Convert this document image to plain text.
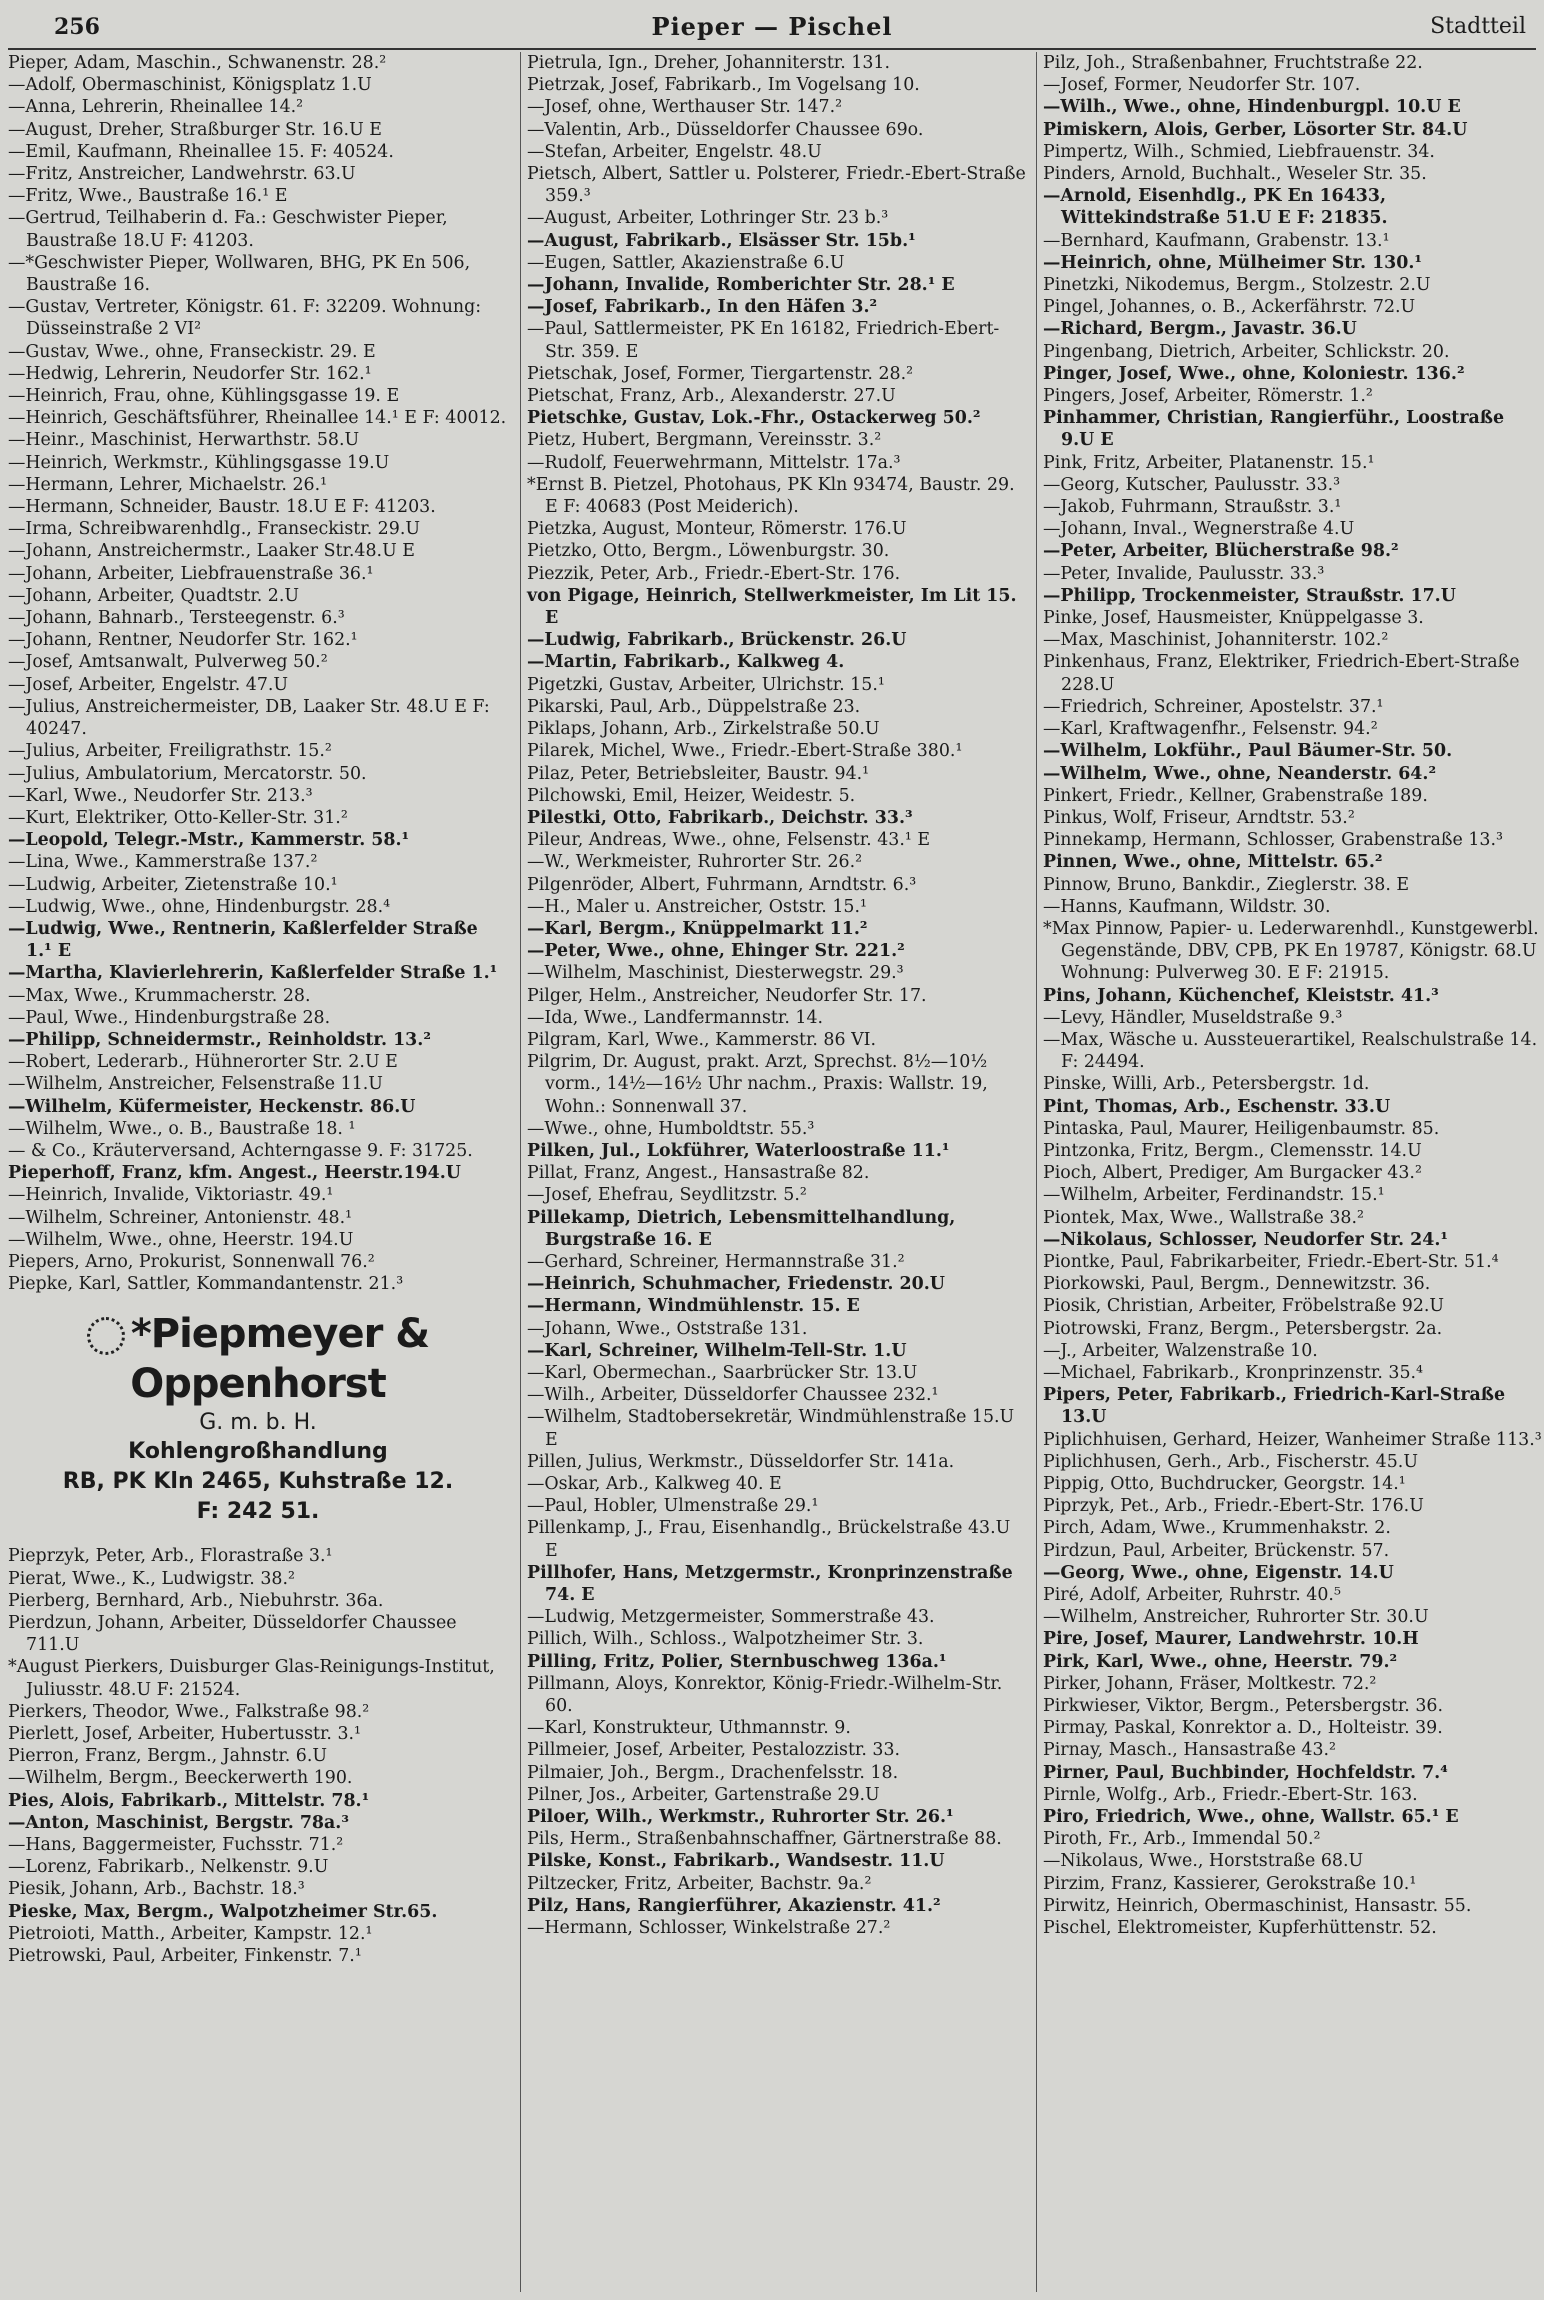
256	Pieper — Pischel	Stadtteil

Pieper, Adam, Maschin., Schwanenstr. 28.²

—Adolf, Obermaschinist, Königsplatz 1.U

—Anna, Lehrerin, Rheinallee 14.²

—August, Dreher, Straßburger Str. 16.U E

—Emil, Kaufmann, Rheinallee 15. F: 40524.

—Fritz, Anstreicher, Landwehrstr. 63.U

—Fritz, Wwe., Baustraße 16.¹ E

—Gertrud, Teilhaberin d. Fa.: Geschwister Pieper, Baustraße 18.U F: 41203.

—*Geschwister Pieper, Wollwaren, BHG, PK En 506, Baustraße 16.

—Gustav, Vertreter, Königstr. 61. F: 32209. Wohnung: Düsseinstraße 2 VI²

—Gustav, Wwe., ohne, Franseckistr. 29. E

—Hedwig, Lehrerin, Neudorfer Str. 162.¹

—Heinrich, Frau, ohne, Kühlingsgasse 19. E

—Heinrich, Geschäftsführer, Rheinallee 14.¹ E F: 40012.

—Heinr., Maschinist, Herwarthstr. 58.U

—Heinrich, Werkmstr., Kühlingsgasse 19.U

—Hermann, Lehrer, Michaelstr. 26.¹

—Hermann, Schneider, Baustr. 18.U E F: 41203.

—Irma, Schreibwarenhdlg., Franseckistr. 29.U

—Johann, Anstreichermstr., Laaker Str.48.U E

—Johann, Arbeiter, Liebfrauenstraße 36.¹

—Johann, Arbeiter, Quadtstr. 2.U

—Johann, Bahnarb., Tersteegenstr. 6.³

—Johann, Rentner, Neudorfer Str. 162.¹

—Josef, Amtsanwalt, Pulverweg 50.²

—Josef, Arbeiter, Engelstr. 47.U

—Julius, Anstreichermeister, DB, Laaker Str. 48.U E F: 40247.

—Julius, Arbeiter, Freiligrathstr. 15.²

—Julius, Ambulatorium, Mercatorstr. 50.

—Karl, Wwe., Neudorfer Str. 213.³

—Kurt, Elektriker, Otto-Keller-Str. 31.²

—Leopold, Telegr.-Mstr., Kammerstr. 58.¹

—Lina, Wwe., Kammerstraße 137.²

—Ludwig, Arbeiter, Zietenstraße 10.¹

—Ludwig, Wwe., ohne, Hindenburgstr. 28.⁴

—Ludwig, Wwe., Rentnerin, Kaßlerfelder Straße 1.¹ E

—Martha, Klavierlehrerin, Kaßlerfelder Straße 1.¹

—Max, Wwe., Krummacherstr. 28.

—Paul, Wwe., Hindenburgstraße 28.

—Philipp, Schneidermstr., Reinholdstr. 13.²

—Robert, Lederarb., Hühnerorter Str. 2.U E

—Wilhelm, Anstreicher, Felsenstraße 11.U

—Wilhelm, Küfermeister, Heckenstr. 86.U

—Wilhelm, Wwe., o. B., Baustraße 18. ¹

— & Co., Kräuterversand, Achterngasse 9. F: 31725.

Pieperhoff, Franz, kfm. Angest., Heerstr.194.U

—Heinrich, Invalide, Viktoriastr. 49.¹

—Wilhelm, Schreiner, Antonienstr. 48.¹

—Wilhelm, Wwe., ohne, Heerstr. 194.U

Piepers, Arno, Prokurist, Sonnenwall 76.²

Piepke, Karl, Sattler, Kommandantenstr. 21.³

*Piepmeyer & Oppenhorst
G. m. b. H.
Kohlengroßhandlung
RB, PK Kln 2465, Kuhstraße 12.
F: 242 51.

Pieprzyk, Peter, Arb., Florastraße 3.¹

Pierat, Wwe., K., Ludwigstr. 38.²

Pierberg, Bernhard, Arb., Niebuhrstr. 36a.

Pierdzun, Johann, Arbeiter, Düsseldorfer Chaussee 711.U

*August Pierkers, Duisburger Glas-Reinigungs-Institut, Juliusstr. 48.U F: 21524.

Pierkers, Theodor, Wwe., Falkstraße 98.²

Pierlett, Josef, Arbeiter, Hubertusstr. 3.¹

Pierron, Franz, Bergm., Jahnstr. 6.U

—Wilhelm, Bergm., Beeckerwerth 190.

Pies, Alois, Fabrikarb., Mittelstr. 78.¹

—Anton, Maschinist, Bergstr. 78a.³

—Hans, Baggermeister, Fuchsstr. 71.²

—Lorenz, Fabrikarb., Nelkenstr. 9.U

Piesik, Johann, Arb., Bachstr. 18.³

Pieske, Max, Bergm., Walpotzheimer Str.65.

Pietroioti, Matth., Arbeiter, Kampstr. 12.¹

Pietrowski, Paul, Arbeiter, Finkenstr. 7.¹

Pietrula, Ign., Dreher, Johanniterstr. 131.

Pietrzak, Josef, Fabrikarb., Im Vogelsang 10.

—Josef, ohne, Werthauser Str. 147.²

—Valentin, Arb., Düsseldorfer Chaussee 69o.

—Stefan, Arbeiter, Engelstr. 48.U

Pietsch, Albert, Sattler u. Polsterer, Friedr.-Ebert-Straße 359.³

—August, Arbeiter, Lothringer Str. 23 b.³

—August, Fabrikarb., Elsässer Str. 15b.¹

—Eugen, Sattler, Akazienstraße 6.U

—Johann, Invalide, Romberichter Str. 28.¹ E

—Josef, Fabrikarb., In den Häfen 3.²

—Paul, Sattlermeister, PK En 16182, Friedrich-Ebert-Str. 359. E

Pietschak, Josef, Former, Tiergartenstr. 28.²

Pietschat, Franz, Arb., Alexanderstr. 27.U

Pietschke, Gustav, Lok.-Fhr., Ostackerweg 50.²

Pietz, Hubert, Bergmann, Vereinsstr. 3.²

—Rudolf, Feuerwehrmann, Mittelstr. 17a.³

*Ernst B. Pietzel, Photohaus, PK Kln 93474, Baustr. 29. E F: 40683 (Post Meiderich).

Pietzka, August, Monteur, Römerstr. 176.U

Pietzko, Otto, Bergm., Löwenburgstr. 30.

Piezzik, Peter, Arb., Friedr.-Ebert-Str. 176.

von Pigage, Heinrich, Stellwerkmeister, Im Lit 15. E

—Ludwig, Fabrikarb., Brückenstr. 26.U

—Martin, Fabrikarb., Kalkweg 4.

Pigetzki, Gustav, Arbeiter, Ulrichstr. 15.¹

Pikarski, Paul, Arb., Düppelstraße 23.

Piklaps, Johann, Arb., Zirkelstraße 50.U

Pilarek, Michel, Wwe., Friedr.-Ebert-Straße 380.¹

Pilaz, Peter, Betriebsleiter, Baustr. 94.¹

Pilchowski, Emil, Heizer, Weidestr. 5.

Pilestki, Otto, Fabrikarb., Deichstr. 33.³

Pileur, Andreas, Wwe., ohne, Felsenstr. 43.¹ E

—W., Werkmeister, Ruhrorter Str. 26.²

Pilgenröder, Albert, Fuhrmann, Arndtstr. 6.³

—H., Maler u. Anstreicher, Oststr. 15.¹

—Karl, Bergm., Knüppelmarkt 11.²

—Peter, Wwe., ohne, Ehinger Str. 221.²

—Wilhelm, Maschinist, Diesterwegstr. 29.³

Pilger, Helm., Anstreicher, Neudorfer Str. 17.

—Ida, Wwe., Landfermannstr. 14.

Pilgram, Karl, Wwe., Kammerstr. 86 VI.

Pilgrim, Dr. August, prakt. Arzt, Sprechst. 8½—10½ vorm., 14½—16½ Uhr nachm., Praxis: Wallstr. 19, Wohn.: Sonnenwall 37.

—Wwe., ohne, Humboldtstr. 55.³

Pilken, Jul., Lokführer, Waterloostraße 11.¹

Pillat, Franz, Angest., Hansastraße 82.

—Josef, Ehefrau, Seydlitzstr. 5.²

Pillekamp, Dietrich, Lebensmittelhandlung, Burgstraße 16. E

—Gerhard, Schreiner, Hermannstraße 31.²

—Heinrich, Schuhmacher, Friedenstr. 20.U

—Hermann, Windmühlenstr. 15. E

—Johann, Wwe., Oststraße 131.

—Karl, Schreiner, Wilhelm-Tell-Str. 1.U

—Karl, Obermechan., Saarbrücker Str. 13.U

—Wilh., Arbeiter, Düsseldorfer Chaussee 232.¹

—Wilhelm, Stadtobersekretär, Windmühlenstraße 15.U E

Pillen, Julius, Werkmstr., Düsseldorfer Str. 141a.

—Oskar, Arb., Kalkweg 40. E

—Paul, Hobler, Ulmenstraße 29.¹

Pillenkamp, J., Frau, Eisenhandlg., Brückelstraße 43.U E

Pillhofer, Hans, Metzgermstr., Kronprinzenstraße 74. E

—Ludwig, Metzgermeister, Sommerstraße 43.

Pillich, Wilh., Schloss., Walpotzheimer Str. 3.

Pilling, Fritz, Polier, Sternbuschweg 136a.¹

Pillmann, Aloys, Konrektor, König-Friedr.-Wilhelm-Str. 60.

—Karl, Konstrukteur, Uthmannstr. 9.

Pillmeier, Josef, Arbeiter, Pestalozzistr. 33.

Pilmaier, Joh., Bergm., Drachenfelsstr. 18.

Pilner, Jos., Arbeiter, Gartenstraße 29.U

Piloer, Wilh., Werkmstr., Ruhrorter Str. 26.¹

Pils, Herm., Straßenbahnschaffner, Gärtnerstraße 88.

Pilske, Konst., Fabrikarb., Wandsestr. 11.U

Piltzecker, Fritz, Arbeiter, Bachstr. 9a.²

Pilz, Hans, Rangierführer, Akazienstr. 41.²

—Hermann, Schlosser, Winkelstraße 27.²

Pilz, Joh., Straßenbahner, Fruchtstraße 22.

—Josef, Former, Neudorfer Str. 107.

—Wilh., Wwe., ohne, Hindenburgpl. 10.U E

Pimiskern, Alois, Gerber, Lösorter Str. 84.U

Pimpertz, Wilh., Schmied, Liebfrauenstr. 34.

Pinders, Arnold, Buchhalt., Weseler Str. 35.

—Arnold, Eisenhdlg., PK En 16433, Wittekindstraße 51.U E F: 21835.

—Bernhard, Kaufmann, Grabenstr. 13.¹

—Heinrich, ohne, Mülheimer Str. 130.¹

Pinetzki, Nikodemus, Bergm., Stolzestr. 2.U

Pingel, Johannes, o. B., Ackerfährstr. 72.U

—Richard, Bergm., Javastr. 36.U

Pingenbang, Dietrich, Arbeiter, Schlickstr. 20.

Pinger, Josef, Wwe., ohne, Koloniestr. 136.²

Pingers, Josef, Arbeiter, Römerstr. 1.²

Pinhammer, Christian, Rangierführ., Loostraße 9.U E

Pink, Fritz, Arbeiter, Platanenstr. 15.¹

—Georg, Kutscher, Paulusstr. 33.³

—Jakob, Fuhrmann, Straußstr. 3.¹

—Johann, Inval., Wegnerstraße 4.U

—Peter, Arbeiter, Blücherstraße 98.²

—Peter, Invalide, Paulusstr. 33.³

—Philipp, Trockenmeister, Straußstr. 17.U

Pinke, Josef, Hausmeister, Knüppelgasse 3.

—Max, Maschinist, Johanniterstr. 102.²

Pinkenhaus, Franz, Elektriker, Friedrich-Ebert-Straße 228.U

—Friedrich, Schreiner, Apostelstr. 37.¹

—Karl, Kraftwagenfhr., Felsenstr. 94.²

—Wilhelm, Lokführ., Paul Bäumer-Str. 50.

—Wilhelm, Wwe., ohne, Neanderstr. 64.²

Pinkert, Friedr., Kellner, Grabenstraße 189.

Pinkus, Wolf, Friseur, Arndtstr. 53.²

Pinnekamp, Hermann, Schlosser, Grabenstraße 13.³

Pinnen, Wwe., ohne, Mittelstr. 65.²

Pinnow, Bruno, Bankdir., Zieglerstr. 38. E

—Hanns, Kaufmann, Wildstr. 30.

*Max Pinnow, Papier- u. Lederwarenhdl., Kunstgewerbl. Gegenstände, DBV, CPB, PK En 19787, Königstr. 68.U Wohnung: Pulverweg 30. E F: 21915.

Pins, Johann, Küchenchef, Kleiststr. 41.³

—Levy, Händler, Museldstraße 9.³

—Max, Wäsche u. Aussteuerartikel, Realschulstraße 14. F: 24494.

Pinske, Willi, Arb., Petersbergstr. 1d.

Pint, Thomas, Arb., Eschenstr. 33.U

Pintaska, Paul, Maurer, Heiligenbaumstr. 85.

Pintzonka, Fritz, Bergm., Clemensstr. 14.U

Pioch, Albert, Prediger, Am Burgacker 43.²

—Wilhelm, Arbeiter, Ferdinandstr. 15.¹

Piontek, Max, Wwe., Wallstraße 38.²

—Nikolaus, Schlosser, Neudorfer Str. 24.¹

Piontke, Paul, Fabrikarbeiter, Friedr.-Ebert-Str. 51.⁴

Piorkowski, Paul, Bergm., Dennewitzstr. 36.

Piosik, Christian, Arbeiter, Fröbelstraße 92.U

Piotrowski, Franz, Bergm., Petersbergstr. 2a.

—J., Arbeiter, Walzenstraße 10.

—Michael, Fabrikarb., Kronprinzenstr. 35.⁴

Pipers, Peter, Fabrikarb., Friedrich-Karl-Straße 13.U

Piplichhuisen, Gerhard, Heizer, Wanheimer Straße 113.³

Piplichhusen, Gerh., Arb., Fischerstr. 45.U

Pippig, Otto, Buchdrucker, Georgstr. 14.¹

Piprzyk, Pet., Arb., Friedr.-Ebert-Str. 176.U

Pirch, Adam, Wwe., Krummenhakstr. 2.

Pirdzun, Paul, Arbeiter, Brückenstr. 57.

—Georg, Wwe., ohne, Eigenstr. 14.U

Piré, Adolf, Arbeiter, Ruhrstr. 40.⁵

—Wilhelm, Anstreicher, Ruhrorter Str. 30.U

Pire, Josef, Maurer, Landwehrstr. 10.H

Pirk, Karl, Wwe., ohne, Heerstr. 79.²

Pirker, Johann, Fräser, Moltkestr. 72.²

Pirkwieser, Viktor, Bergm., Petersbergstr. 36.

Pirmay, Paskal, Konrektor a. D., Holteistr. 39.

Pirnay, Masch., Hansastraße 43.²

Pirner, Paul, Buchbinder, Hochfeldstr. 7.⁴

Pirnle, Wolfg., Arb., Friedr.-Ebert-Str. 163.

Piro, Friedrich, Wwe., ohne, Wallstr. 65.¹ E

Piroth, Fr., Arb., Immendal 50.²

—Nikolaus, Wwe., Horststraße 68.U

Pirzim, Franz, Kassierer, Gerokstraße 10.¹

Pirwitz, Heinrich, Obermaschinist, Hansastr. 55.

Pischel, Elektromeister, Kupferhüttenstr. 52.
